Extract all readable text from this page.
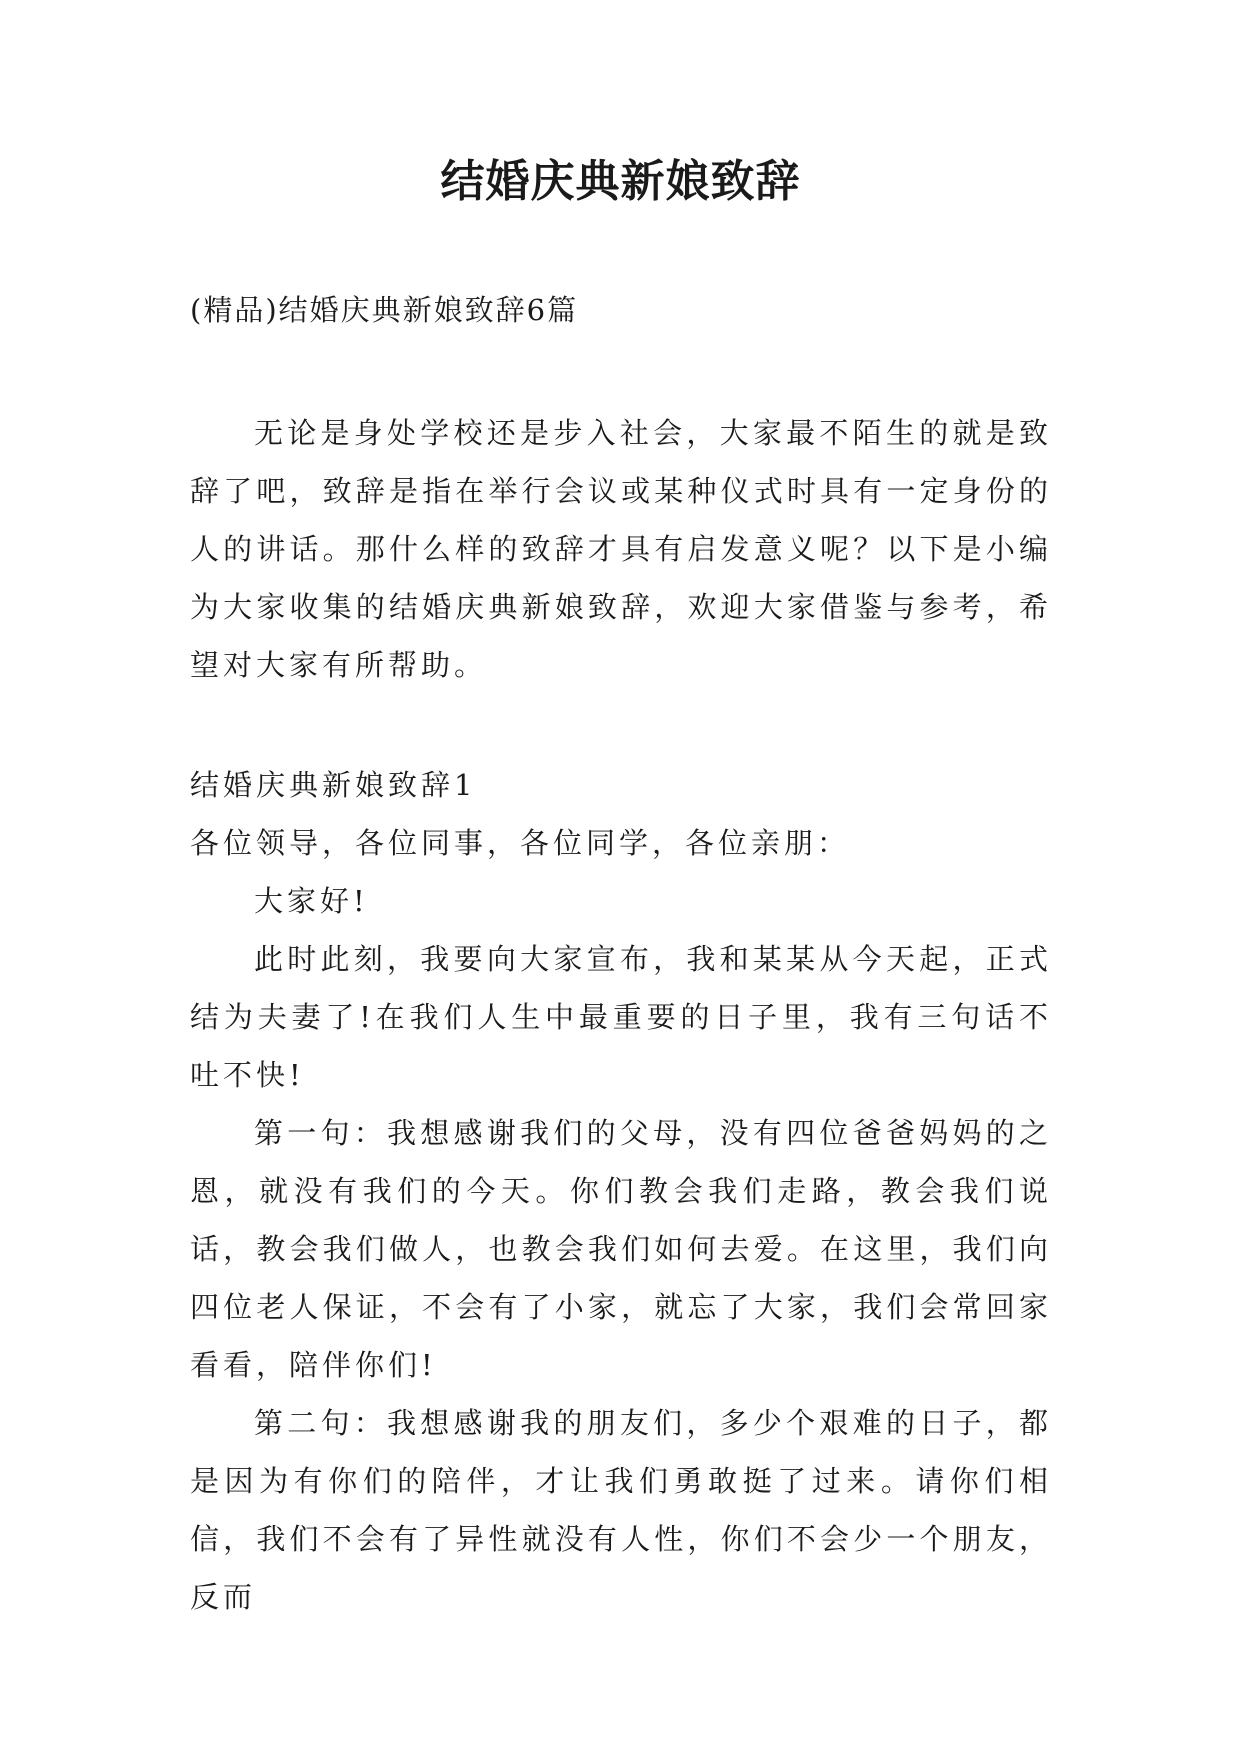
结婚庆典新娘致辞
(精品)结婚庆典新娘致辞6篇
无论是身处学校还是步入社会，大家最不陌生的就是致辞了吧，致辞是指在举行会议或某种仪式时具有一定身份的人的讲话。那什么样的致辞才具有启发意义呢？以下是小编为大家收集的结婚庆典新娘致辞，欢迎大家借鉴与参考，希望对大家有所帮助。

结婚庆典新娘致辞1

各位领导，各位同事，各位同学，各位亲朋：

大家好!

此时此刻，我要向大家宣布，我和某某从今天起，正式结为夫妻了!在我们人生中最重要的日子里，我有三句话不吐不快!

第一句：我想感谢我们的父母，没有四位爸爸妈妈的之恩，就没有我们的今天。你们教会我们走路，教会我们说话，教会我们做人，也教会我们如何去爱。在这里，我们向四位老人保证，不会有了小家，就忘了大家，我们会常回家看看，陪伴你们!

第二句：我想感谢我的朋友们，多少个艰难的日子，都是因为有你们的陪伴，才让我们勇敢挺了过来。请你们相信，我们不会有了异性就没有人性，你们不会少一个朋友，反而
